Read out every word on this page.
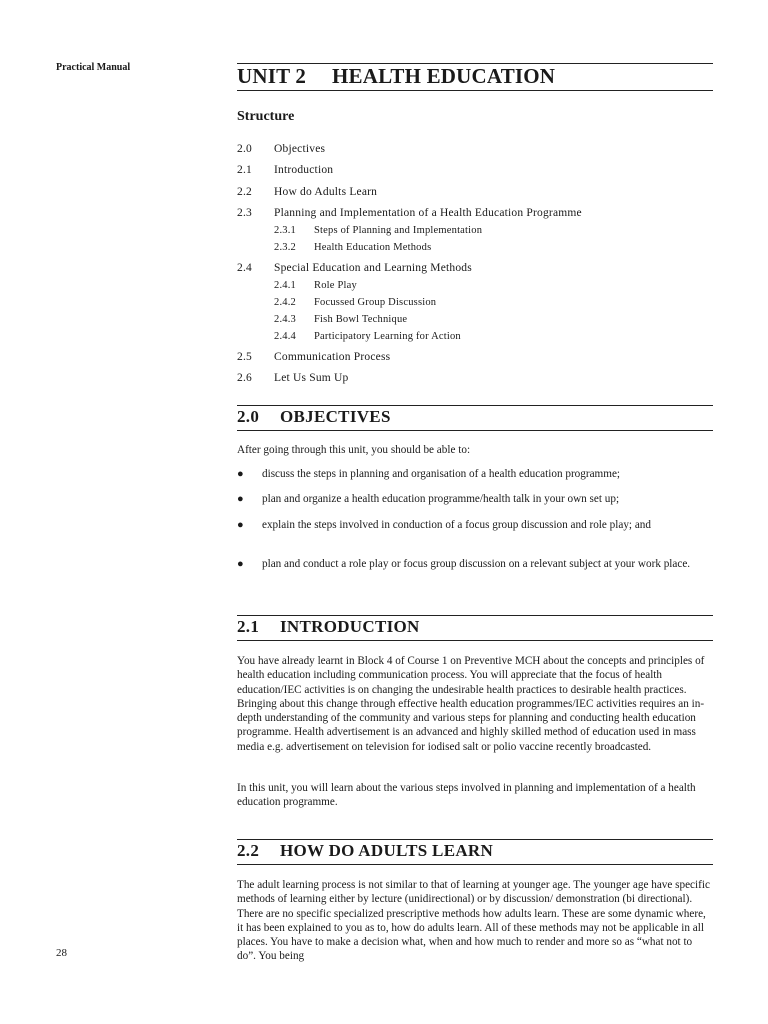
Practical Manual
28
UNIT 2 HEALTH EDUCATION
Structure
2.0 Objectives
2.1 Introduction
2.2 How do Adults Learn
2.3 Planning and Implementation of a Health Education Programme
2.3.1 Steps of Planning and Implementation
2.3.2 Health Education Methods
2.4 Special Education and Learning Methods
2.4.1 Role Play
2.4.2 Focussed Group Discussion
2.4.3 Fish Bowl Technique
2.4.4 Participatory Learning for Action
2.5 Communication Process
2.6 Let Us Sum Up
2.0 OBJECTIVES
After going through this unit, you should be able to:
● discuss the steps in planning and organisation of a health education programme;
● plan and organize a health education programme/health talk in your own set up;
● explain the steps involved in conduction of a focus group discussion and role play; and
● plan and conduct a role play or focus group discussion on a relevant subject at your work place.
2.1 INTRODUCTION
You have already learnt in Block 4 of Course 1 on Preventive MCH about the concepts and principles of health education including communication process. You will appreciate that the focus of health education/IEC activities is on changing the undesirable health practices to desirable health practices. Bringing about this change through effective health education programmes/IEC activities requires an in-depth understanding of the community and various steps for planning and conducting health education programme. Health advertisement is an advanced and highly skilled method of education used in mass media e.g. advertisement on television for iodised salt or polio vaccine recently broadcasted.
In this unit, you will learn about the various steps involved in planning and implementation of a health education programme.
2.2 HOW DO ADULTS LEARN
The adult learning process is not similar to that of learning at younger age. The younger age have specific methods of learning either by lecture (unidirectional) or by discussion/ demonstration (bi directional). There are no specific specialized prescriptive methods how adults learn. These are some dynamic where, it has been explained to you as to, how do adults learn. All of these methods may not be applicable in all places. You have to make a decision what, when and how much to render and more so as “what not to do”. You being
